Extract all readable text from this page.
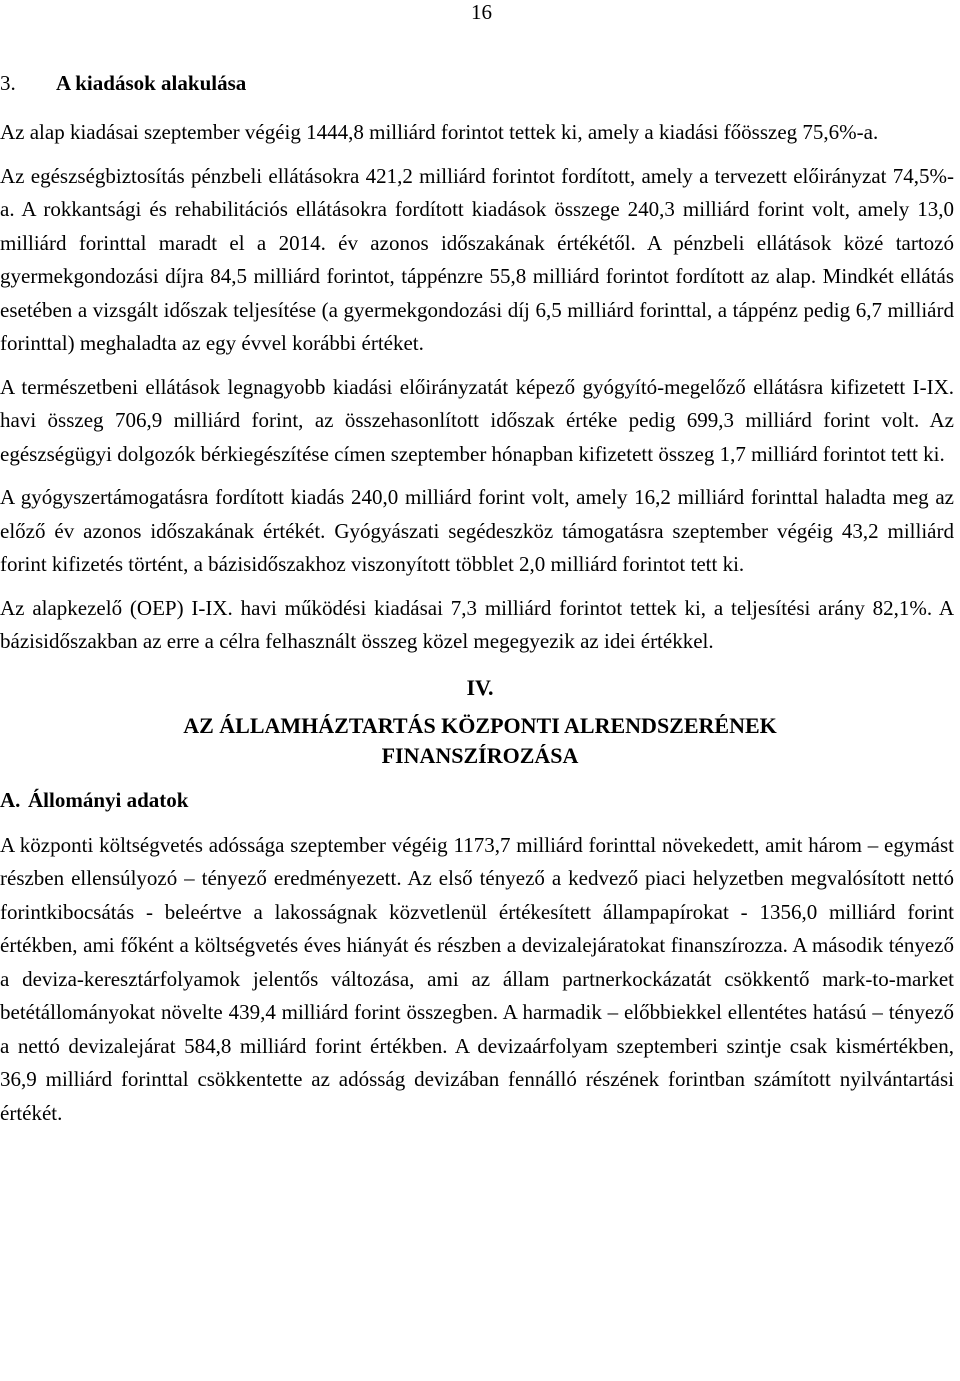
16
3. A kiadások alakulása

Az alap kiadásai szeptember végéig 1444,8 milliárd forintot tettek ki, amely a kiadási főösszeg 75,6%-a.

Az egészségbiztosítás pénzbeli ellátásokra 421,2 milliárd forintot fordított, amely a tervezett előirányzat 74,5%-a. A rokkantsági és rehabilitációs ellátásokra fordított kiadások összege 240,3 milliárd forint volt, amely 13,0 milliárd forinttal maradt el a 2014. év azonos időszakának értékétől. A pénzbeli ellátások közé tartozó gyermekgondozási díjra 84,5 milliárd forintot, táppénzre 55,8 milliárd forintot fordított az alap. Mindkét ellátás esetében a vizsgált időszak teljesítése (a gyermekgondozási díj 6,5 milliárd forinttal, a táppénz pedig 6,7 milliárd forinttal) meghaladta az egy évvel korábbi értéket.

A természetbeni ellátások legnagyobb kiadási előirányzatát képező gyógyító-megelőző ellátásra kifizetett I-IX. havi összeg 706,9 milliárd forint, az összehasonlított időszak értéke pedig 699,3 milliárd forint volt. Az egészségügyi dolgozók bérkiegészítése címen szeptember hónapban kifizetett összeg 1,7 milliárd forintot tett ki.

A gyógyszertámogatásra fordított kiadás 240,0 milliárd forint volt, amely 16,2 milliárd forinttal haladta meg az előző év azonos időszakának értékét. Gyógyászati segédeszköz támogatásra szeptember végéig 43,2 milliárd forint kifizetés történt, a bázisidőszakhoz viszonyított többlet 2,0 milliárd forintot tett ki.

Az alapkezelő (OEP) I-IX. havi működési kiadásai 7,3 milliárd forintot tettek ki, a teljesítési arány 82,1%. A bázisidőszakban az erre a célra felhasznált összeg közel megegyezik az idei értékkel.

IV.
AZ ÁLLAMHÁZTARTÁS KÖZPONTI ALRENDSZERÉNEK
FINANSZÍROZÁSA
A. Állományi adatok

A központi költségvetés adóssága szeptember végéig 1173,7 milliárd forinttal növekedett, amit három – egymást részben ellensúlyozó – tényező eredményezett. Az első tényező a kedvező piaci helyzetben megvalósított nettó forintkibocsátás - beleértve a lakosságnak közvetlenül értékesített állampapírokat - 1356,0 milliárd forint értékben, ami főként a költségvetés éves hiányát és részben a devizalejáratokat finanszírozza. A második tényező a deviza-keresztárfolyamok jelentős változása, ami az állam partnerkockázatát csökkentő mark-to-market betétállományokat növelte 439,4 milliárd forint összegben. A harmadik – előbbiekkel ellentétes hatású – tényező a nettó devizalejárat 584,8 milliárd forint értékben. A devizaárfolyam szeptemberi szintje csak kismértékben, 36,9 milliárd forinttal csökkentette az adósság devizában fennálló részének forintban számított nyilvántartási értékét.
